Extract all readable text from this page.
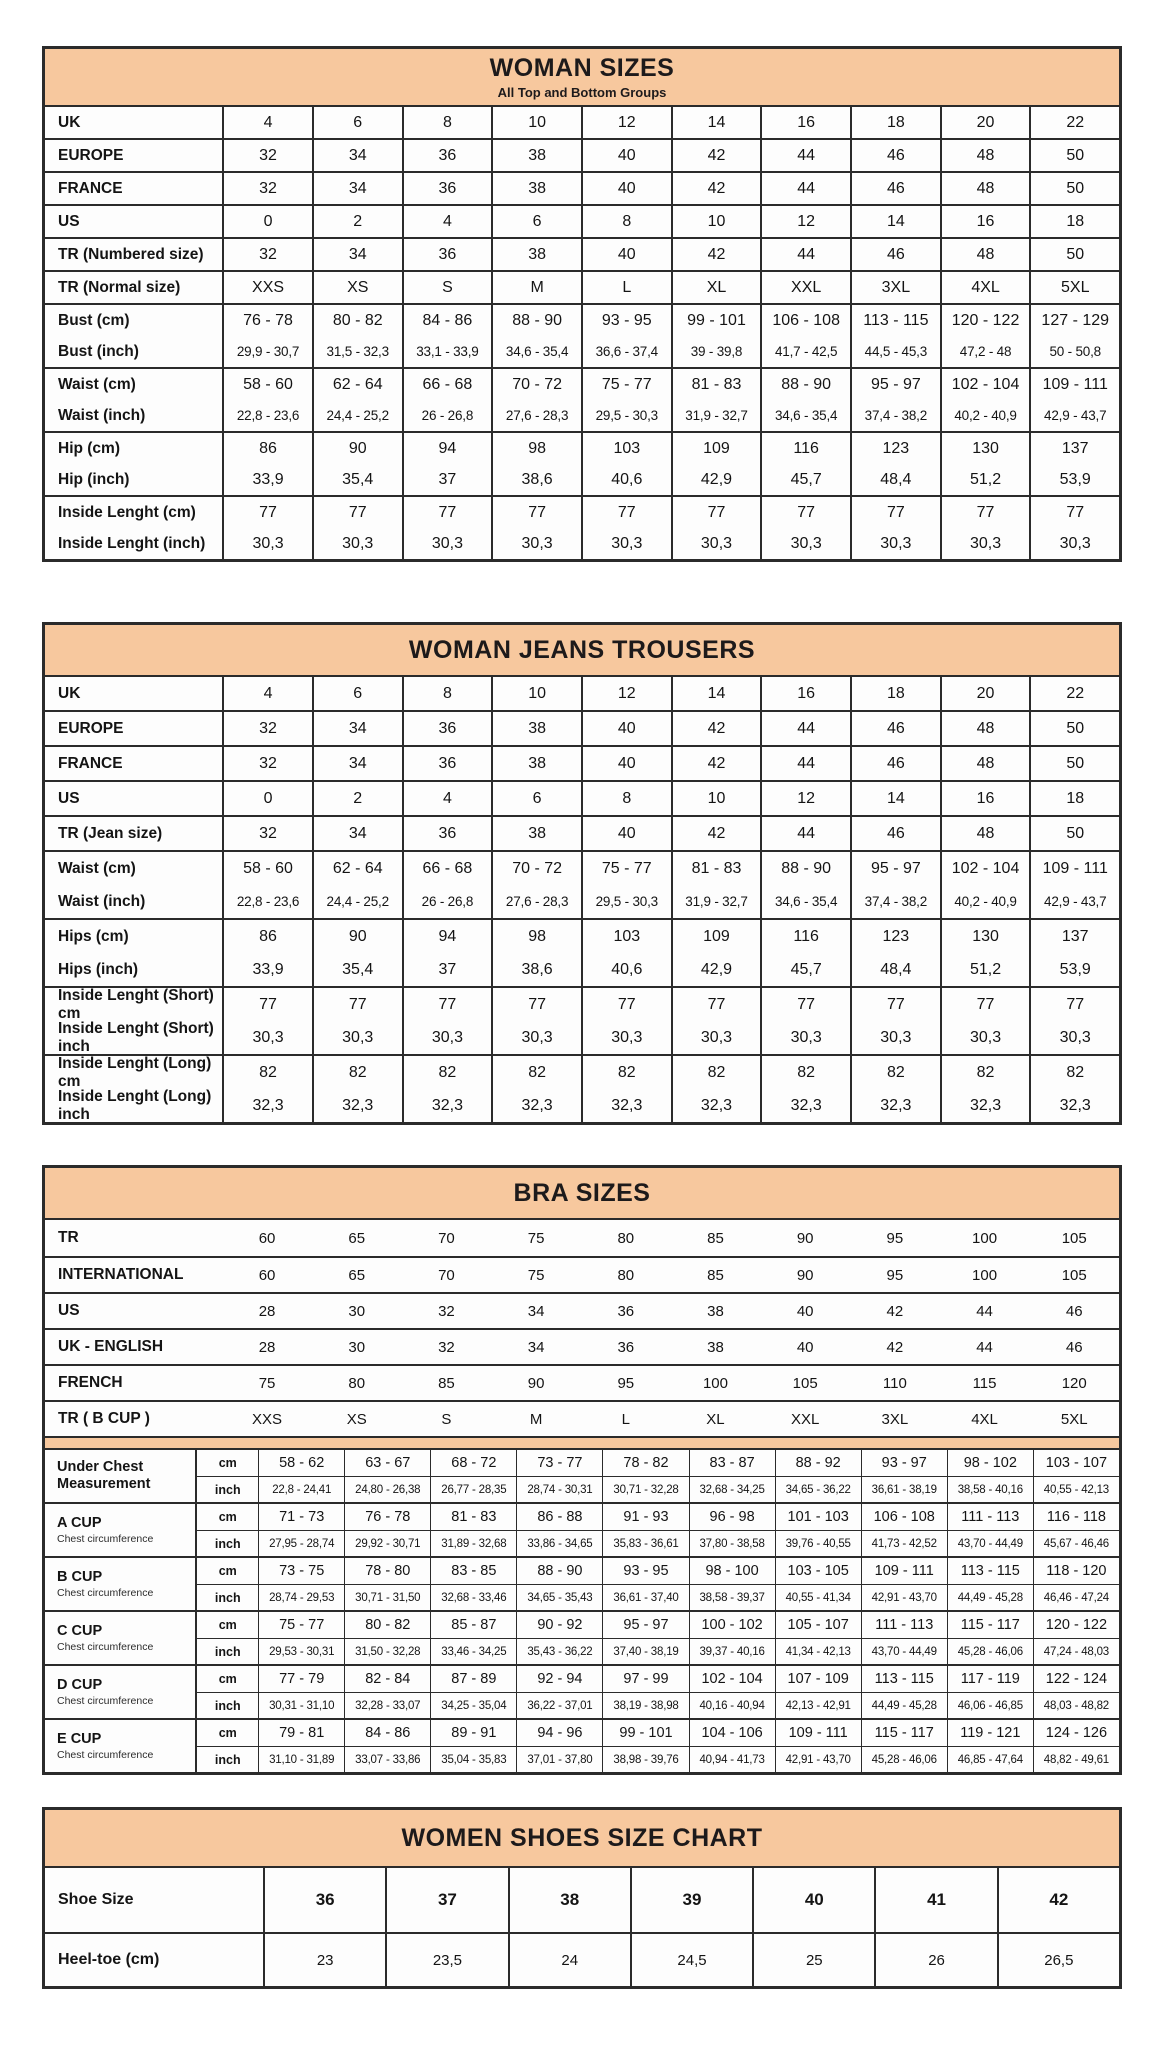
WOMAN SIZES
All Top and Bottom Groups
UK	4	6	8	10	12	14	16	18	20	22
EUROPE	32	34	36	38	40	42	44	46	48	50
FRANCE	32	34	36	38	40	42	44	46	48	50
US	0	2	4	6	8	10	12	14	16	18
TR (Numbered size)	32	34	36	38	40	42	44	46	48	50
TR (Normal size)	XXS	XS	S	M	L	XL	XXL	3XL	4XL	5XL
Bust (cm)	76 - 78	80 - 82	84 - 86	88 - 90	93 - 95	99 - 101	106 - 108	113 - 115	120 - 122	127 - 129
Bust (inch)	29,9 - 30,7	31,5 - 32,3	33,1 - 33,9	34,6 - 35,4	36,6 - 37,4	39 - 39,8	41,7 - 42,5	44,5 - 45,3	47,2 - 48	50 - 50,8
Waist (cm)	58 - 60	62 - 64	66 - 68	70 - 72	75 - 77	81 - 83	88 - 90	95 - 97	102 - 104	109 - 111
Waist (inch)	22,8 - 23,6	24,4 - 25,2	26 - 26,8	27,6 - 28,3	29,5 - 30,3	31,9 - 32,7	34,6 - 35,4	37,4 - 38,2	40,2 - 40,9	42,9 - 43,7
Hip (cm)	86	90	94	98	103	109	116	123	130	137
Hip (inch)	33,9	35,4	37	38,6	40,6	42,9	45,7	48,4	51,2	53,9
Inside Lenght (cm)	77	77	77	77	77	77	77	77	77	77
Inside Lenght (inch)	30,3	30,3	30,3	30,3	30,3	30,3	30,3	30,3	30,3	30,3
WOMAN JEANS TROUSERS
UK	4	6	8	10	12	14	16	18	20	22
EUROPE	32	34	36	38	40	42	44	46	48	50
FRANCE	32	34	36	38	40	42	44	46	48	50
US	0	2	4	6	8	10	12	14	16	18
TR (Jean size)	32	34	36	38	40	42	44	46	48	50
Waist (cm)	58 - 60	62 - 64	66 - 68	70 - 72	75 - 77	81 - 83	88 - 90	95 - 97	102 - 104	109 - 111
Waist (inch)	22,8 - 23,6	24,4 - 25,2	26 - 26,8	27,6 - 28,3	29,5 - 30,3	31,9 - 32,7	34,6 - 35,4	37,4 - 38,2	40,2 - 40,9	42,9 - 43,7
Hips (cm)	86	90	94	98	103	109	116	123	130	137
Hips (inch)	33,9	35,4	37	38,6	40,6	42,9	45,7	48,4	51,2	53,9
Inside Lenght (Short) cm
77	77	77	77	77	77	77	77	77	77
Inside Lenght (Short) inch
30,3	30,3	30,3	30,3	30,3	30,3	30,3	30,3	30,3	30,3
Inside Lenght (Long) cm
82	82	82	82	82	82	82	82	82	82
Inside Lenght (Long) inch
32,3	32,3	32,3	32,3	32,3	32,3	32,3	32,3	32,3	32,3
BRA SIZES
TR	60	65	70	75	80	85	90	95	100	105
INTERNATIONAL	60	65	70	75	80	85	90	95	100	105
US	28	30	32	34	36	38	40	42	44	46
UK - ENGLISH	28	30	32	34	36	38	40	42	44	46
FRENCH	75	80	85	90	95	100	105	110	115	120
TR ( B CUP )	XXS	XS	S	M	L	XL	XXL	3XL	4XL	5XL
Under Chest Measurement
cm	58 - 62	63 - 67	68 - 72	73 - 77	78 - 82	83 - 87	88 - 92	93 - 97	98 - 102	103 - 107
inch	22,8 - 24,41	24,80 - 26,38	26,77 - 28,35	28,74 - 30,31	30,71 - 32,28	32,68 - 34,25	34,65 - 36,22	36,61 - 38,19	38,58 - 40,16	40,55 - 42,13
A CUP
Chest circumference
cm	71 - 73	76 - 78	81 - 83	86 - 88	91 - 93	96 - 98	101 - 103	106 - 108	111 - 113	116 - 118
inch	27,95 - 28,74	29,92 - 30,71	31,89 - 32,68	33,86 - 34,65	35,83 - 36,61	37,80 - 38,58	39,76 - 40,55	41,73 - 42,52	43,70 - 44,49	45,67 - 46,46
B CUP
Chest circumference
cm	73 - 75	78 - 80	83 - 85	88 - 90	93 - 95	98 - 100	103 - 105	109 - 111	113 - 115	118 - 120
inch	28,74 - 29,53	30,71 - 31,50	32,68 - 33,46	34,65 - 35,43	36,61 - 37,40	38,58 - 39,37	40,55 - 41,34	42,91 - 43,70	44,49 - 45,28	46,46 - 47,24
C CUP
Chest circumference
cm	75 - 77	80 - 82	85 - 87	90 - 92	95 - 97	100 - 102	105 - 107	111 - 113	115 - 117	120 - 122
inch	29,53 - 30,31	31,50 - 32,28	33,46 - 34,25	35,43 - 36,22	37,40 - 38,19	39,37 - 40,16	41,34 - 42,13	43,70 - 44,49	45,28 - 46,06	47,24 - 48,03
D CUP
Chest circumference
cm	77 - 79	82 - 84	87 - 89	92 - 94	97 - 99	102 - 104	107 - 109	113 - 115	117 - 119	122 - 124
inch	30,31 - 31,10	32,28 - 33,07	34,25 - 35,04	36,22 - 37,01	38,19 - 38,98	40,16 - 40,94	42,13 - 42,91	44,49 - 45,28	46,06 - 46,85	48,03 - 48,82
E CUP
Chest circumference
cm	79 - 81	84 - 86	89 - 91	94 - 96	99 - 101	104 - 106	109 - 111	115 - 117	119 - 121	124 - 126
inch	31,10 - 31,89	33,07 - 33,86	35,04 - 35,83	37,01 - 37,80	38,98 - 39,76	40,94 - 41,73	42,91 - 43,70	45,28 - 46,06	46,85 - 47,64	48,82 - 49,61
WOMEN SHOES SIZE CHART
Shoe Size	36	37	38	39	40	41	42
Heel-toe (cm)	23	23,5	24	24,5	25	26	26,5
